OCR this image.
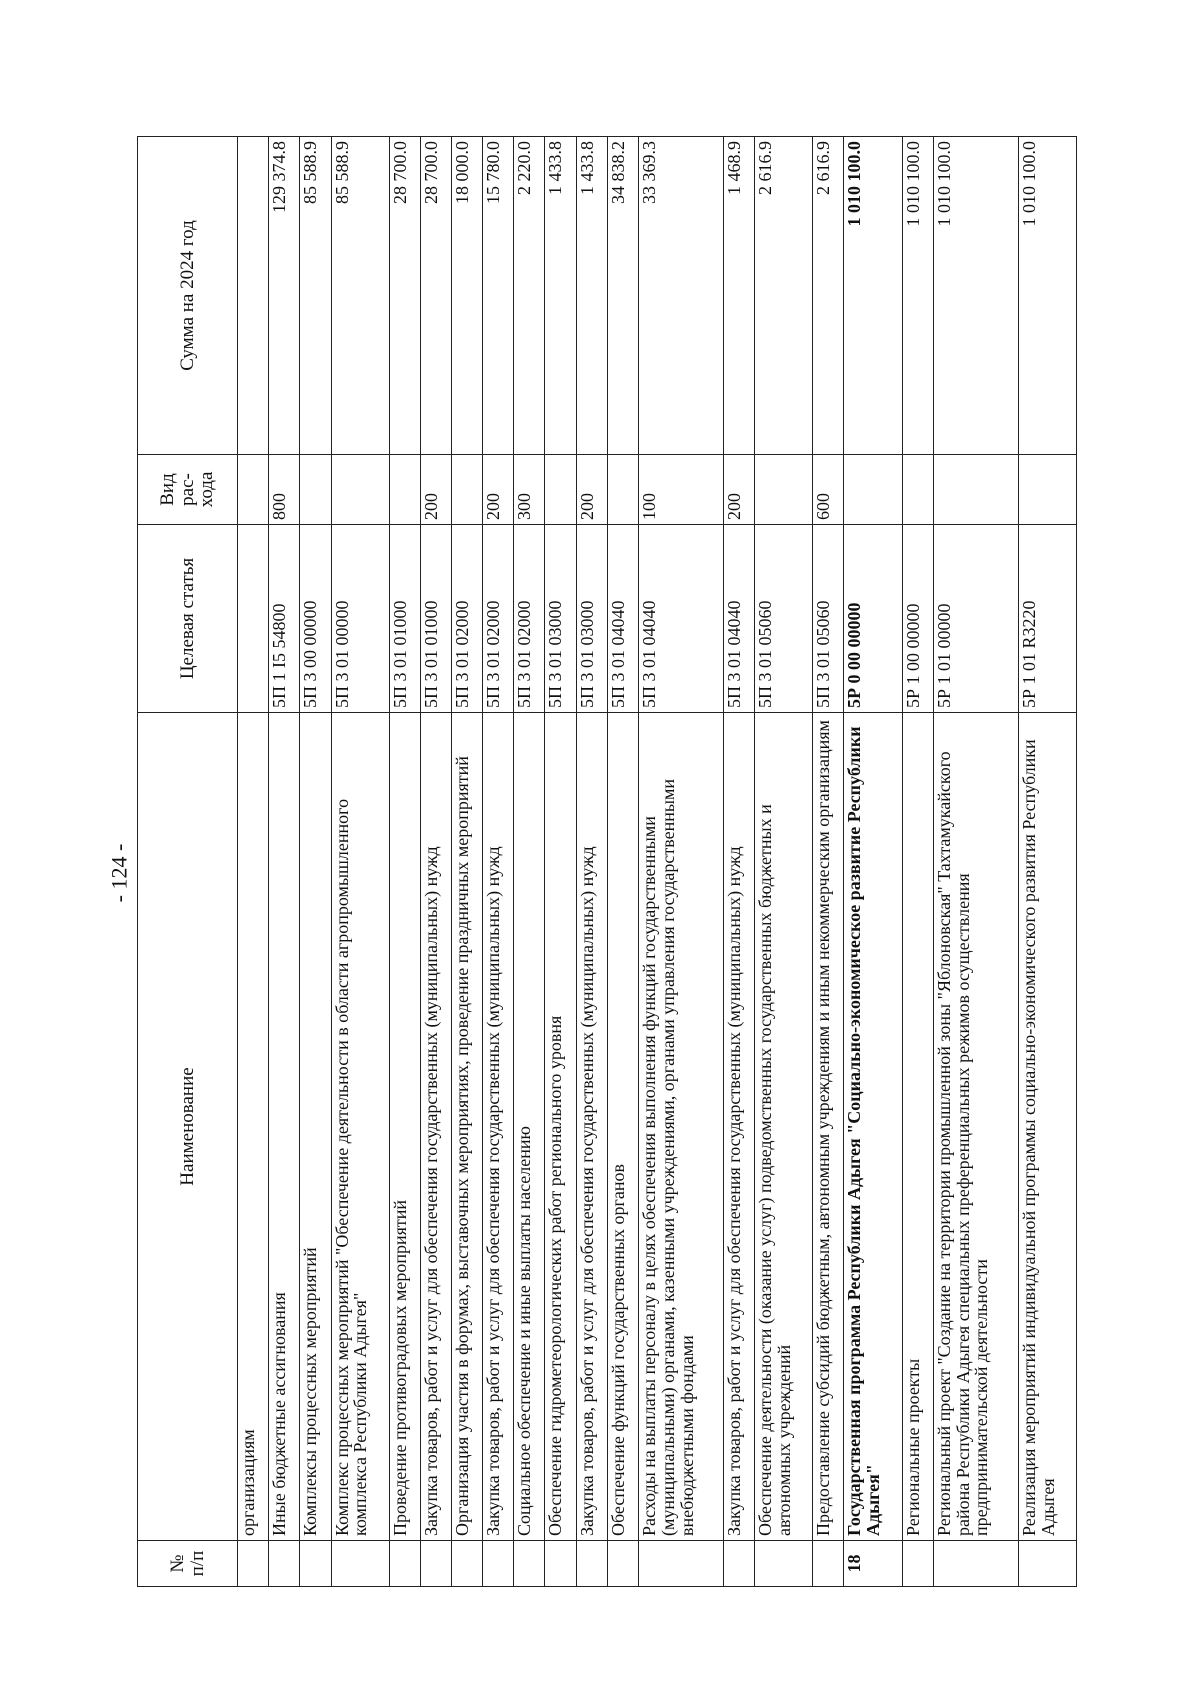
- 124 -
№ п/п	Наименование	Целевая статья	Вид рас-хода	Сумма на 2024 год
	организациям			
	Иные бюджетные ассигнования	5П 1 I5 54800	800	129 374.8
	Комплексы процессных мероприятий	5П 3 00 00000		85 588.9
	Комплекс процессных мероприятий "Обеспечение деятельности в области агропромышленного комплекса Республики Адыгея"	5П 3 01 00000		85 588.9
	Проведение противоградовых мероприятий	5П 3 01 01000		28 700.0
	Закупка товаров, работ и услуг для обеспечения государственных (муниципальных) нужд	5П 3 01 01000	200	28 700.0
	Организация участия в форумах, выставочных мероприятиях, проведение праздничных мероприятий	5П 3 01 02000		18 000.0
	Закупка товаров, работ и услуг для обеспечения государственных (муниципальных) нужд	5П 3 01 02000	200	15 780.0
	Социальное обеспечение и иные выплаты населению	5П 3 01 02000	300	2 220.0
	Обеспечение гидрометеорологических работ регионального уровня	5П 3 01 03000		1 433.8
	Закупка товаров, работ и услуг для обеспечения государственных (муниципальных) нужд	5П 3 01 03000	200	1 433.8
	Обеспечение функций государственных органов	5П 3 01 04040		34 838.2
	Расходы на выплаты персоналу в целях обеспечения выполнения функций государственными (муниципальными) органами, казенными учреждениями, органами управления государственными внебюджетными фондами	5П 3 01 04040	100	33 369.3
	Закупка товаров, работ и услуг для обеспечения государственных (муниципальных) нужд	5П 3 01 04040	200	1 468.9
	Обеспечение деятельности (оказание услуг) подведомственных государственных бюджетных и автономных учреждений	5П 3 01 05060		2 616.9
	Предоставление субсидий бюджетным, автономным учреждениям и иным некоммерческим организациям	5П 3 01 05060	600	2 616.9
18	Государственная программа Республики Адыгея "Социально-экономическое развитие Республики Адыгея"	5Р 0 00 00000		1 010 100.0
	Региональные проекты	5Р 1 00 00000		1 010 100.0
	Региональный проект "Создание на территории промышленной зоны "Яблоновская" Тахтамукайского района Республики Адыгея специальных преференциальных режимов осуществления предпринимательской деятельности	5Р 1 01 00000		1 010 100.0
	Реализация мероприятий индивидуальной программы социально-экономического развития Республики Адыгея	5Р 1 01 R3220		1 010 100.0
